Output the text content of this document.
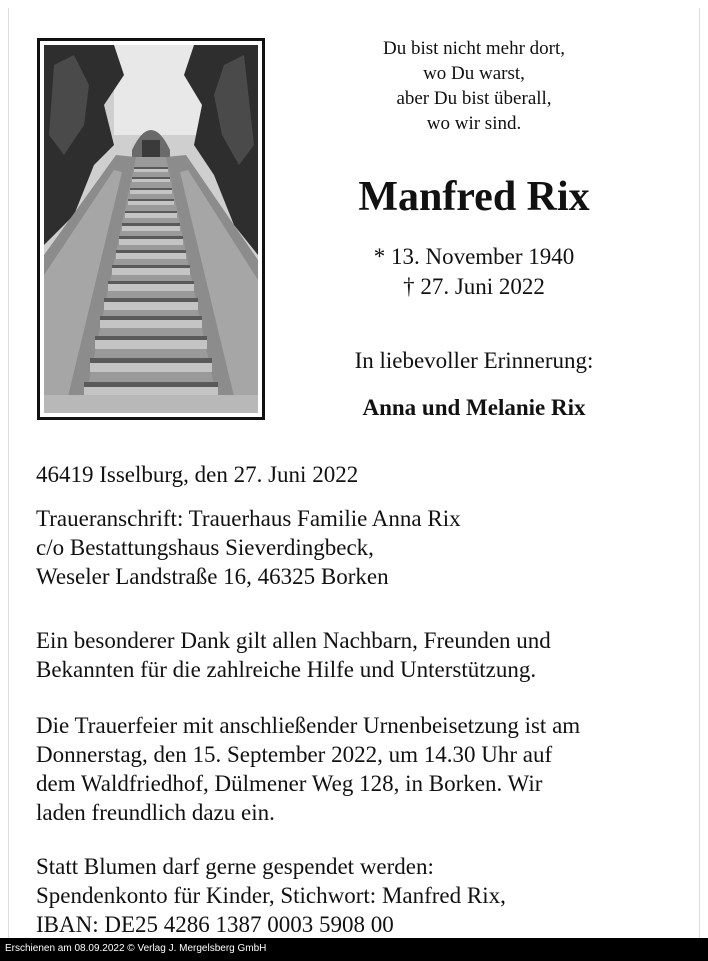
Du bist nicht mehr dort,
wo Du warst,
aber Du bist überall,
wo wir sind.
Manfred Rix
* 13. November 1940
† 27. Juni 2022
In liebevoller Erinnerung:
Anna und Melanie Rix
46419 Isselburg, den 27. Juni 2022
Traueranschrift: Trauerhaus Familie Anna Rix
c/o Bestattungshaus Sieverdingbeck,
Weseler Landstraße 16, 46325 Borken
Ein besonderer Dank gilt allen Nachbarn, Freunden und
Bekannten für die zahlreiche Hilfe und Unterstützung.
Die Trauerfeier mit anschließender Urnenbeisetzung ist am
Donnerstag, den 15. September 2022, um 14.30 Uhr auf
dem Waldfriedhof, Dülmener Weg 128, in Borken. Wir
laden freundlich dazu ein.
Statt Blumen darf gerne gespendet werden:
Spendenkonto für Kinder, Stichwort: Manfred Rix,
IBAN: DE25 4286 1387 0003 5908 00
Erschienen am 08.09.2022 © Verlag J. Mergelsberg GmbH
